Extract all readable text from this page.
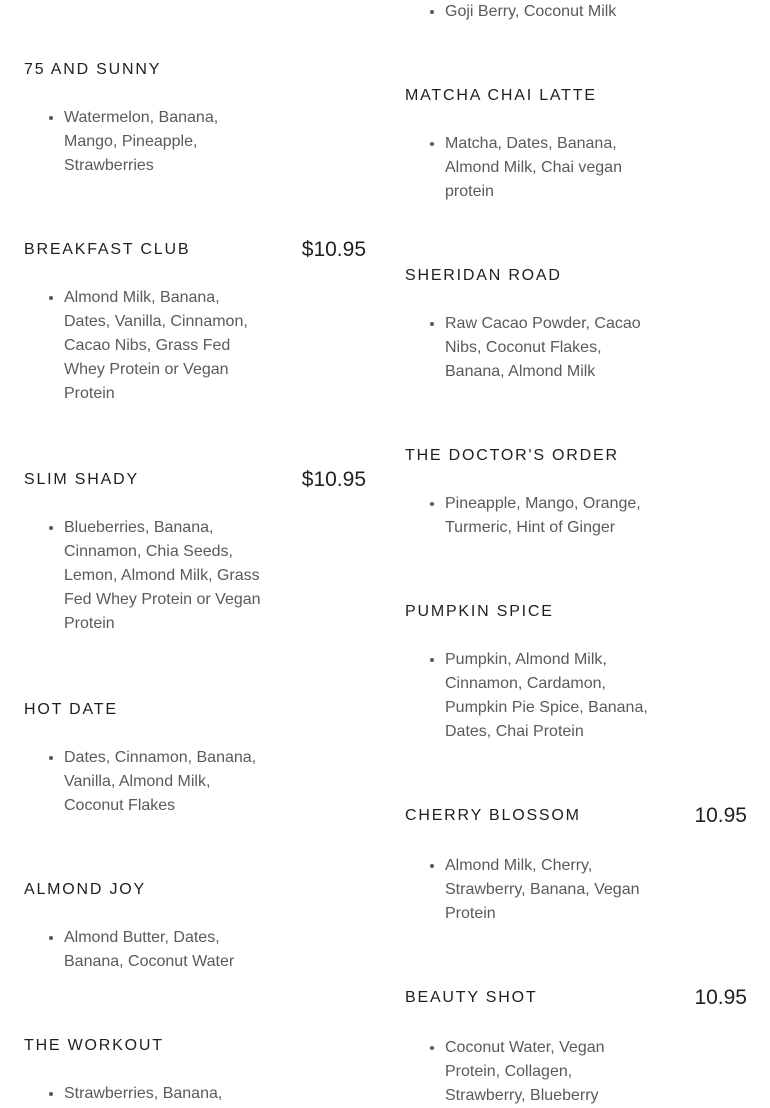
75 AND SUNNY
• Watermelon, Banana, Mango, Pineapple, Strawberries
BREAKFAST CLUB	$10.95
• Almond Milk, Banana, Dates, Vanilla, Cinnamon, Cacao Nibs, Grass Fed Whey Protein or Vegan Protein
SLIM SHADY	$10.95
• Blueberries, Banana, Cinnamon, Chia Seeds, Lemon, Almond Milk, Grass Fed Whey Protein or Vegan Protein
HOT DATE
• Dates, Cinnamon, Banana, Vanilla, Almond Milk, Coconut Flakes
ALMOND JOY
• Almond Butter, Dates, Banana, Coconut Water
THE WORKOUT
• Strawberries, Banana,
• Goji Berry, Coconut Milk
MATCHA CHAI LATTE
• Matcha, Dates, Banana, Almond Milk, Chai vegan protein
SHERIDAN ROAD
• Raw Cacao Powder, Cacao Nibs, Coconut Flakes, Banana, Almond Milk
THE DOCTOR'S ORDER
• Pineapple, Mango, Orange, Turmeric, Hint of Ginger
PUMPKIN SPICE
• Pumpkin, Almond Milk, Cinnamon, Cardamon, Pumpkin Pie Spice, Banana, Dates, Chai Protein
CHERRY BLOSSOM	10.95
• Almond Milk, Cherry, Strawberry, Banana, Vegan Protein
BEAUTY SHOT	10.95
• Coconut Water, Vegan Protein, Collagen, Strawberry, Blueberry
